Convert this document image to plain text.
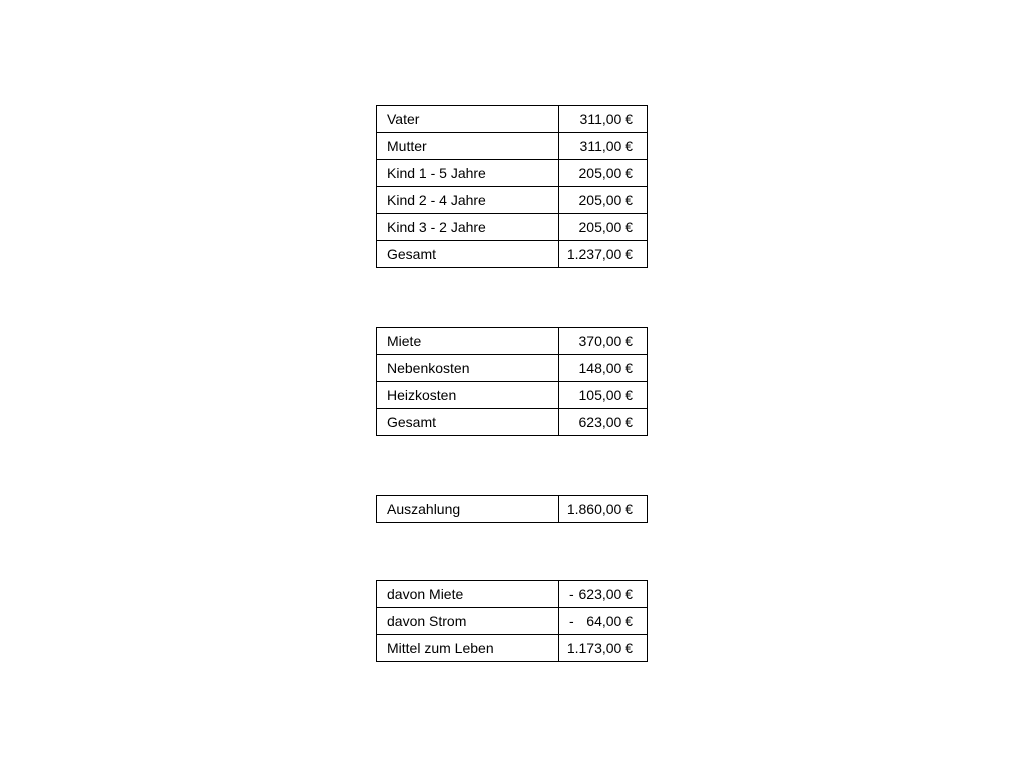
Vater	311,00 €
Mutter	311,00 €
Kind 1 - 5 Jahre	205,00 €
Kind 2 - 4 Jahre	205,00 €
Kind 3 - 2 Jahre	205,00 €
Gesamt	1.237,00 €
Miete	370,00 €
Nebenkosten	148,00 €
Heizkosten	105,00 €
Gesamt	623,00 €
Auszahlung	1.860,00 €
davon Miete	- 623,00 €
davon Strom	- 64,00 €
Mittel zum Leben	1.173,00 €
